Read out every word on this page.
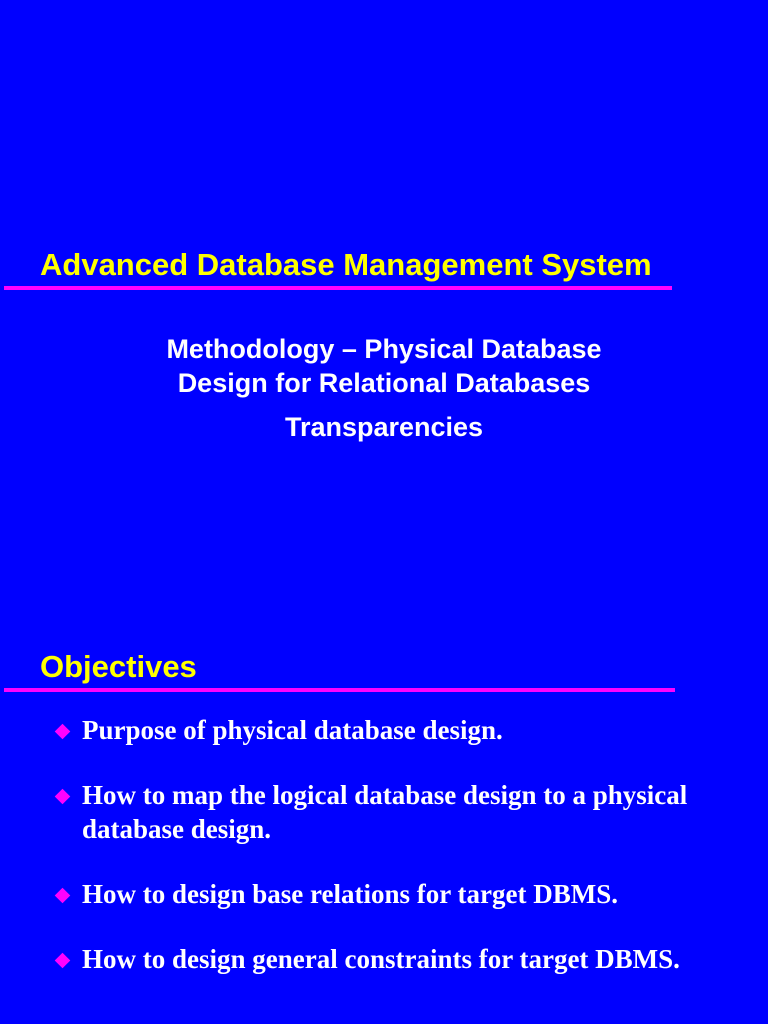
Advanced Database Management System
Methodology – Physical Database
Design for Relational Databases
Transparencies
Objectives
Purpose of physical database design.
How to map the logical database design to a physical database design.
How to design base relations for target DBMS.
How to design general constraints for target DBMS.
